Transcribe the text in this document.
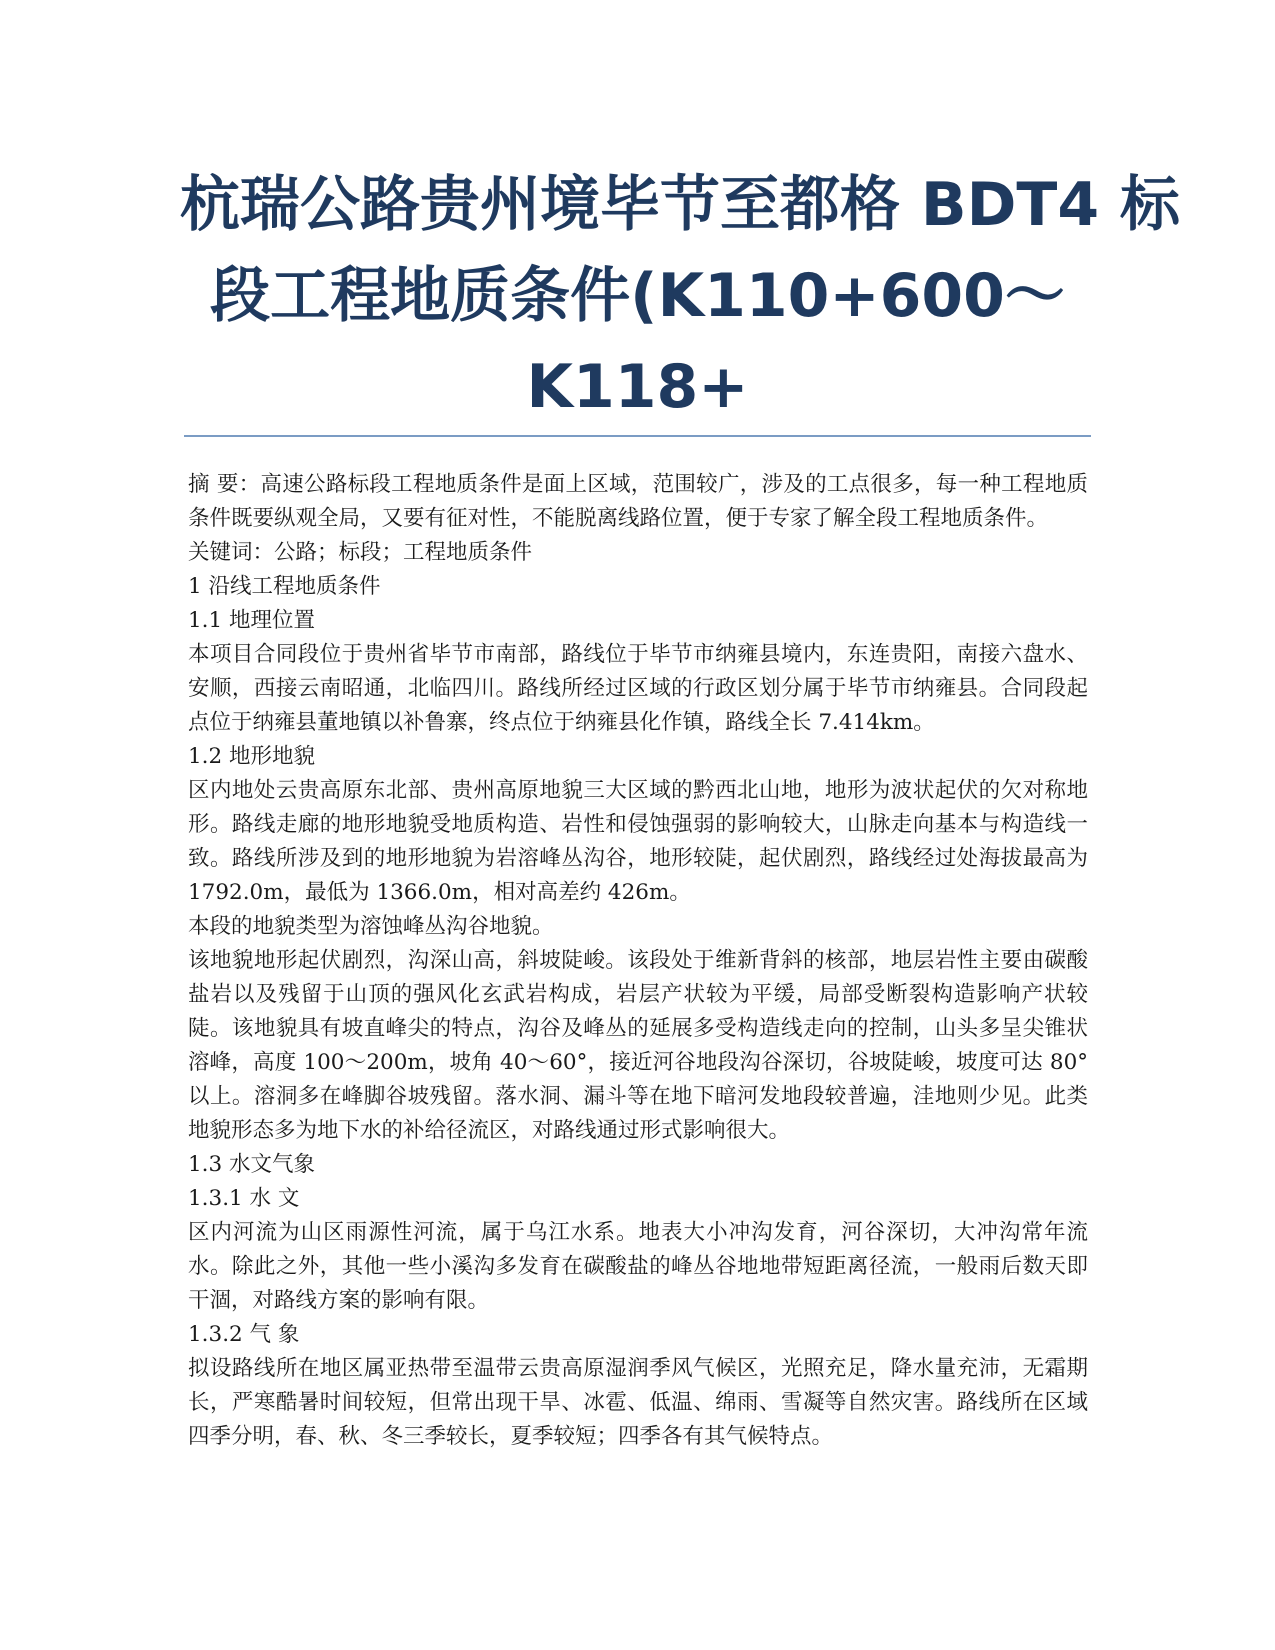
杭瑞公路贵州境毕节至都格 BDT4 标
段工程地质条件(K110+600～
K118+

摘 要：高速公路标段工程地质条件是面上区域，范围较广，涉及的工点很多，每一种工程地质条件既要纵观全局，又要有征对性，不能脱离线路位置，便于专家了解全段工程地质条件。

关键词：公路；标段；工程地质条件

1 沿线工程地质条件

1.1 地理位置

本项目合同段位于贵州省毕节市南部，路线位于毕节市纳雍县境内，东连贵阳，南接六盘水、安顺，西接云南昭通，北临四川。路线所经过区域的行政区划分属于毕节市纳雍县。合同段起点位于纳雍县董地镇以补鲁寨，终点位于纳雍县化作镇，路线全长 7.414km。

1.2 地形地貌

区内地处云贵高原东北部、贵州高原地貌三大区域的黔西北山地，地形为波状起伏的欠对称地形。路线走廊的地形地貌受地质构造、岩性和侵蚀强弱的影响较大，山脉走向基本与构造线一致。路线所涉及到的地形地貌为岩溶峰丛沟谷，地形较陡，起伏剧烈，路线经过处海拔最高为 1792.0m，最低为 1366.0m，相对高差约 426m。

本段的地貌类型为溶蚀峰丛沟谷地貌。

该地貌地形起伏剧烈，沟深山高，斜坡陡峻。该段处于维新背斜的核部，地层岩性主要由碳酸盐岩以及残留于山顶的强风化玄武岩构成，岩层产状较为平缓，局部受断裂构造影响产状较陡。该地貌具有坡直峰尖的特点，沟谷及峰丛的延展多受构造线走向的控制，山头多呈尖锥状溶峰，高度 100～200m，坡角 40～60°，接近河谷地段沟谷深切，谷坡陡峻，坡度可达 80° 以上。溶洞多在峰脚谷坡残留。落水洞、漏斗等在地下暗河发地段较普遍，洼地则少见。此类地貌形态多为地下水的补给径流区，对路线通过形式影响很大。

1.3 水文气象

1.3.1 水 文

区内河流为山区雨源性河流，属于乌江水系。地表大小冲沟发育，河谷深切，大冲沟常年流水。除此之外，其他一些小溪沟多发育在碳酸盐的峰丛谷地地带短距离径流，一般雨后数天即干涸，对路线方案的影响有限。

1.3.2 气 象

拟设路线所在地区属亚热带至温带云贵高原湿润季风气候区，光照充足，降水量充沛，无霜期长，严寒酷暑时间较短，但常出现干旱、冰雹、低温、绵雨、雪凝等自然灾害。路线所在区域四季分明，春、秋、冬三季较长，夏季较短；四季各有其气候特点。
